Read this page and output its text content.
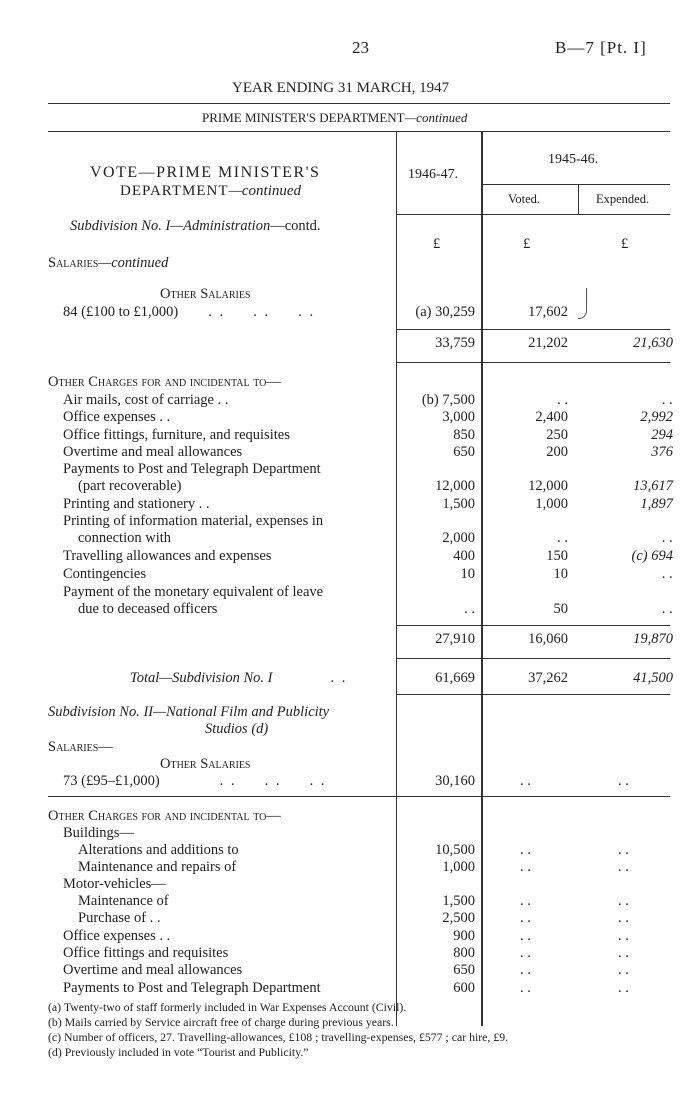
23	B—7 [Pt. I]
YEAR ENDING 31 MARCH, 1947
PRIME MINISTER'S DEPARTMENT—continued
VOTE—PRIME MINISTER'S
DEPARTMENT—continued
1946-47.
1945-46.
Voted.	Expended.
Subdivision No. I—Administration—contd.
£	£	£
Salaries—continued
Other Salaries
84 (£100 to £1,000) . .     . .     . .	(a) 30,259	17,602
33,759	21,202	21,630
Other Charges for and incidental to—
Air mails, cost of carriage . .	(b) 7,500	. .	. .
Office expenses . .	3,000	2,400	2,992
Office fittings, furniture, and requisites	850	250	294
Overtime and meal allowances	650	200	376
Payments to Post and Telegraph Department
(part recoverable)	12,000	12,000	13,617
Printing and stationery . .	1,500	1,000	1,897
Printing of information material, expenses in
connection with	2,000	. .	. .
Travelling allowances and expenses	400	150	(c) 694
Contingencies	10	10	. .
Payment of the monetary equivalent of leave
due to deceased officers	. .	50	. .
27,910	16,060	19,870
Total—Subdivision No. I	. .	61,669	37,262	41,500
Subdivision No. II—National Film and Publicity
Studios (d)
Salaries—
Other Salaries
73 (£95–£1,000)	. .     . .     . .	30,160	. .	. .
Other Charges for and incidental to—
Buildings—
Motor-vehicles—
Alterations and additions to	10,500	. .	. .
Maintenance and repairs of	1,000	. .	. .
Maintenance of	1,500	. .	. .
Purchase of . .	2,500	. .	. .
Office expenses . .	900	. .	. .
Office fittings and requisites	800	. .	. .
Overtime and meal allowances	650	. .	. .
Payments to Post and Telegraph Department	600	. .	. .
(a) Twenty-two of staff formerly included in War Expenses Account (Civil).
(b) Mails carried by Service aircraft free of charge during previous years.
(c) Number of officers, 27. Travelling-allowances, £108 ; travelling-expenses, £577 ; car hire, £9.
(d) Previously included in vote “Tourist and Publicity.”
